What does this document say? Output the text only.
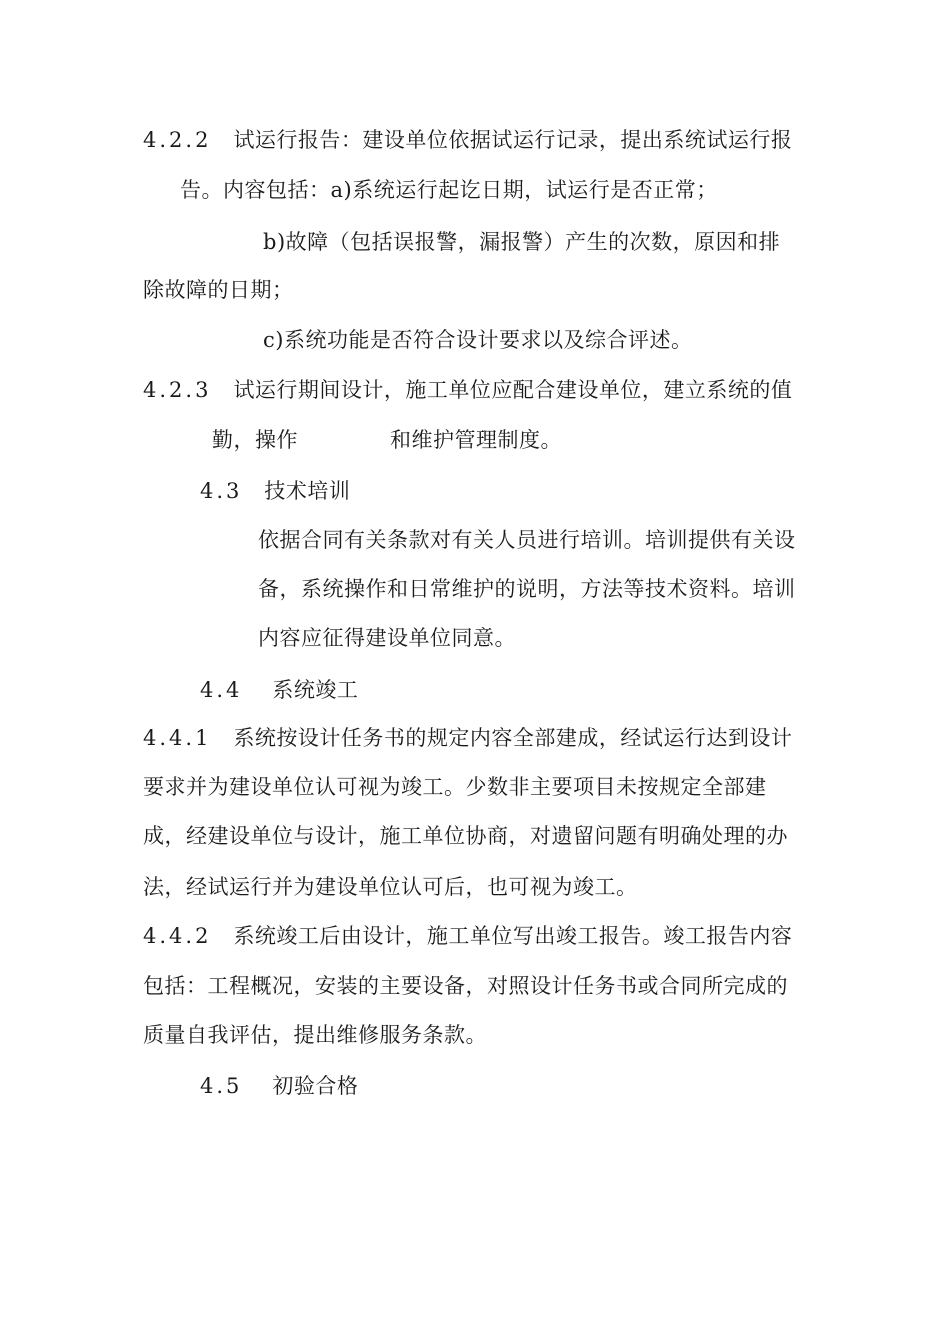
4.2.2 试运行报告：建设单位依据试运行记录，提出系统试运行报
告。内容包括：a)系统运行起讫日期，试运行是否正常；
b)故障（包括误报警，漏报警）产生的次数，原因和排
除故障的日期；
c)系统功能是否符合设计要求以及综合评述。
4.2.3 试运行期间设计，施工单位应配合建设单位，建立系统的值
勤，操作	和维护管理制度。
4.3 技术培训
依据合同有关条款对有关人员进行培训。培训提供有关设
备，系统操作和日常维护的说明，方法等技术资料。培训
内容应征得建设单位同意。
4.4 系统竣工
4.4.1 系统按设计任务书的规定内容全部建成，经试运行达到设计
要求并为建设单位认可视为竣工。少数非主要项目未按规定全部建
成，经建设单位与设计，施工单位协商，对遗留问题有明确处理的办
法，经试运行并为建设单位认可后，也可视为竣工。
4.4.2 系统竣工后由设计，施工单位写出竣工报告。竣工报告内容
包括：工程概况，安装的主要设备，对照设计任务书或合同所完成的
质量自我评估，提出维修服务条款。
4.5 初验合格
